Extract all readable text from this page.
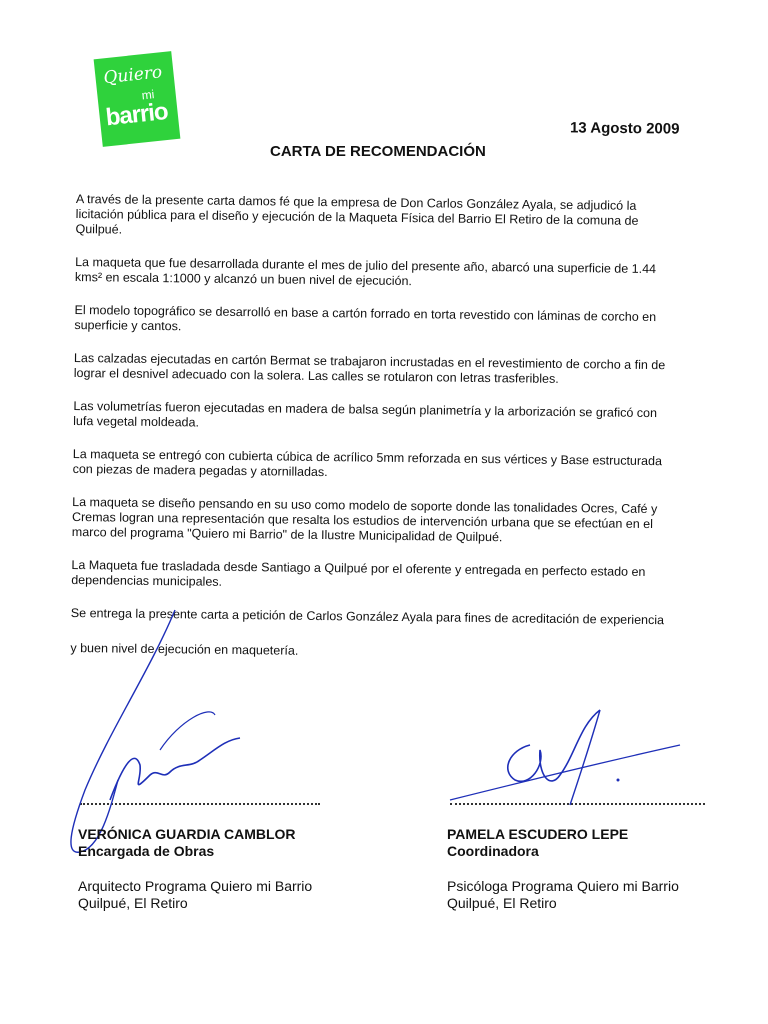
Quiero
mi
barrio	13 Agosto 2009
CARTA DE RECOMENDACIÓN

A través de la presente carta damos fé que la empresa de Don Carlos González Ayala, se adjudicó la
licitación pública para el diseño y ejecución de la Maqueta Física del Barrio El Retiro de la comuna de
Quilpué.

La maqueta que fue desarrollada durante el mes de julio del presente año, abarcó una superficie de 1.44
kms² en escala 1:1000 y alcanzó un buen nivel de ejecución.

El modelo topográfico se desarrolló en base a cartón forrado en torta revestido con láminas de corcho en
superficie y cantos.

Las calzadas ejecutadas en cartón Bermat se trabajaron incrustadas en el revestimiento de corcho a fin de
lograr el desnivel adecuado con la solera. Las calles se rotularon con letras trasferibles.

Las volumetrías fueron ejecutadas en madera de balsa según planimetría y la arborización se graficó con
lufa vegetal moldeada.

La maqueta se entregó con cubierta cúbica de acrílico 5mm reforzada en sus vértices y Base estructurada
con piezas de madera pegadas y atornilladas.

La maqueta se diseño pensando en su uso como modelo de soporte donde las tonalidades Ocres, Café y
Cremas logran una representación que resalta los estudios de intervención urbana que se efectúan en el
marco del programa "Quiero mi Barrio" de la Ilustre Municipalidad de Quilpué.

La Maqueta fue trasladada desde Santiago a Quilpué por el oferente y entregada en perfecto estado en
dependencias municipales.

Se entrega la presente carta a petición de Carlos González Ayala para fines de acreditación de experiencia

y buen nivel de ejecución en maquetería.

VERÓNICA GUARDIA CAMBLOR
Encargada de Obras
Arquitecto Programa Quiero mi Barrio
Quilpué, El Retiro
PAMELA ESCUDERO LEPE
Coordinadora
Psicóloga Programa Quiero mi Barrio
Quilpué, El Retiro
